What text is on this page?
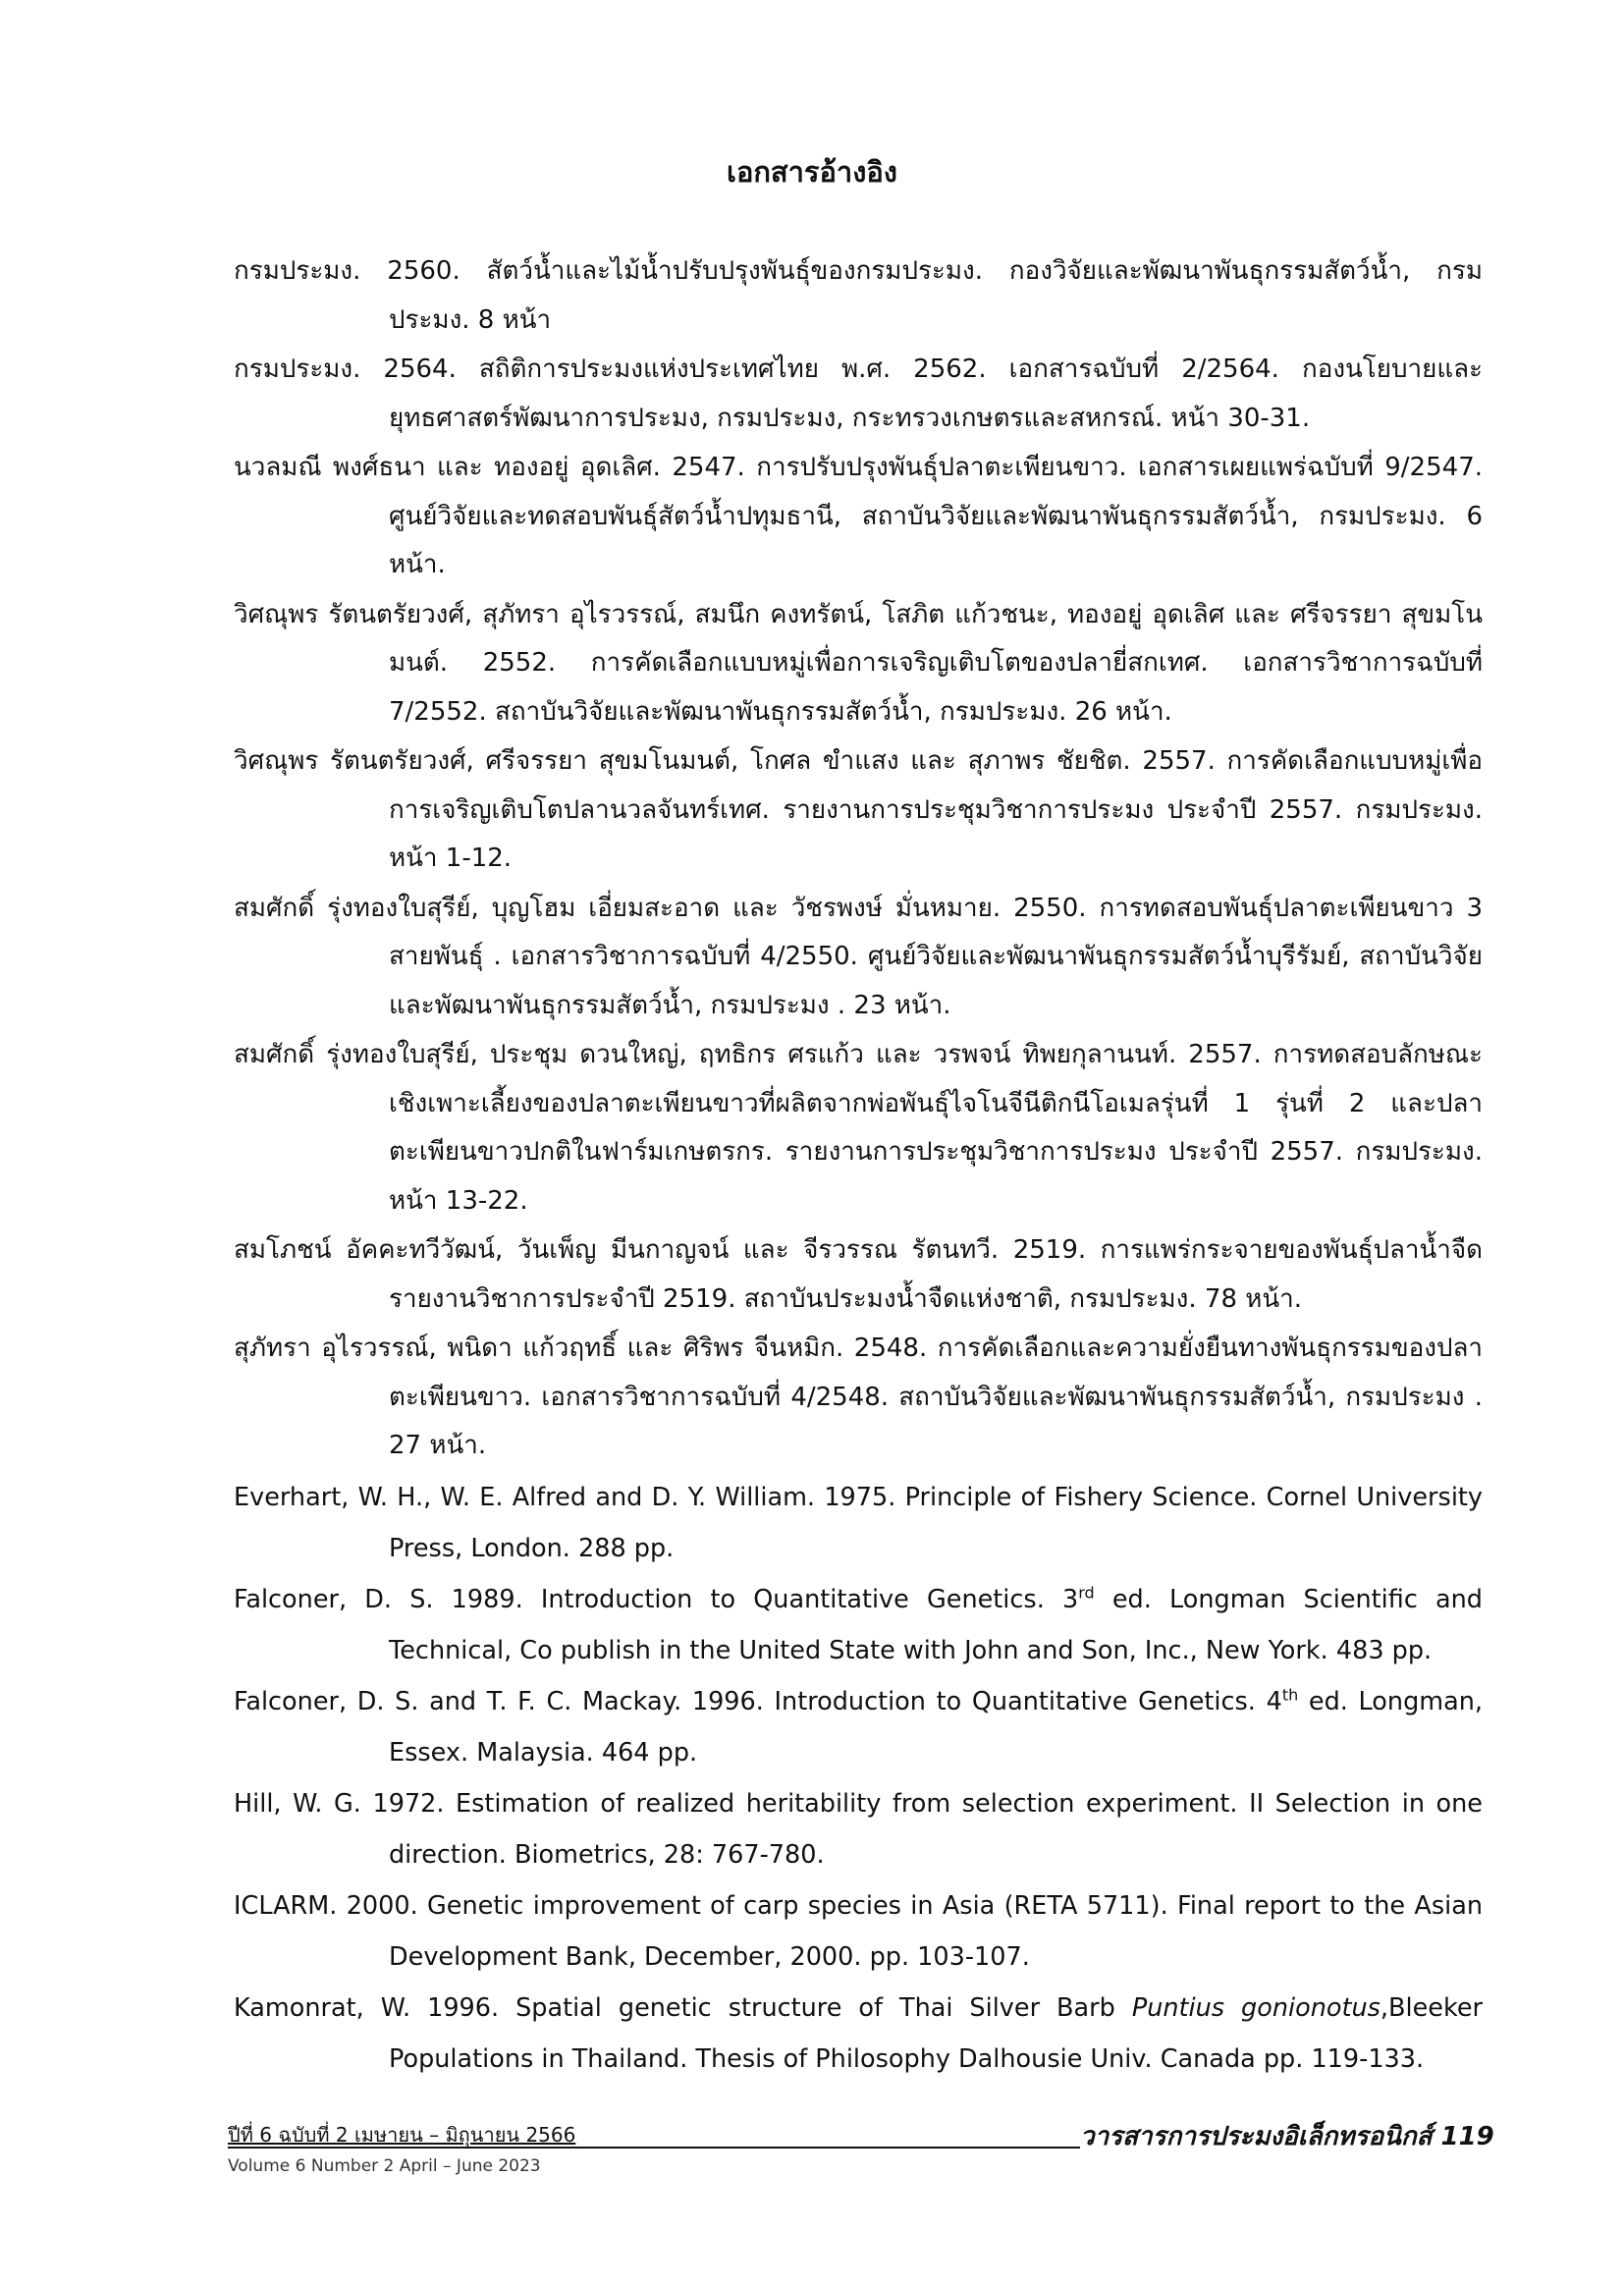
เอกสารอ้างอิง

กรมประมง. 2560. สัตว์น้ำและไม้น้ำปรับปรุงพันธุ์ของกรมประมง. กองวิจัยและพัฒนาพันธุกรรมสัตว์น้ำ, กรมประมง. 8 หน้า

กรมประมง. 2564. สถิติการประมงแห่งประเทศไทย พ.ศ. 2562. เอกสารฉบับที่ 2/2564. กองนโยบายและยุทธศาสตร์พัฒนาการประมง, กรมประมง, กระทรวงเกษตรและสหกรณ์. หน้า 30-31.

นวลมณี พงศ์ธนา และ ทองอยู่ อุดเลิศ. 2547. การปรับปรุงพันธุ์ปลาตะเพียนขาว. เอกสารเผยแพร่ฉบับที่ 9/2547. ศูนย์วิจัยและทดสอบพันธุ์สัตว์น้ำปทุมธานี, สถาบันวิจัยและพัฒนาพันธุกรรมสัตว์น้ำ, กรมประมง. 6 หน้า.

วิศณุพร รัตนตรัยวงศ์, สุภัทรา อุไรวรรณ์, สมนึก คงทรัตน์, โสภิต แก้วชนะ, ทองอยู่ อุดเลิศ และ ศรีจรรยา สุขมโนมนต์. 2552. การคัดเลือกแบบหมู่เพื่อการเจริญเติบโตของปลายี่สกเทศ. เอกสารวิชาการฉบับที่ 7/2552. สถาบันวิจัยและพัฒนาพันธุกรรมสัตว์น้ำ, กรมประมง. 26 หน้า.

วิศณุพร รัตนตรัยวงศ์, ศรีจรรยา สุขมโนมนต์, โกศล ขำแสง และ สุภาพร ชัยชิต. 2557. การคัดเลือกแบบหมู่เพื่อการเจริญเติบโตปลานวลจันทร์เทศ. รายงานการประชุมวิชาการประมง ประจำปี 2557. กรมประมง. หน้า 1-12.

สมศักดิ์ รุ่งทองใบสุรีย์, บุญโฮม เอี่ยมสะอาด และ วัชรพงษ์ มั่นหมาย. 2550. การทดสอบพันธุ์ปลาตะเพียนขาว 3 สายพันธุ์ . เอกสารวิชาการฉบับที่ 4/2550. ศูนย์วิจัยและพัฒนาพันธุกรรมสัตว์น้ำบุรีรัมย์, สถาบันวิจัยและพัฒนาพันธุกรรมสัตว์น้ำ, กรมประมง . 23 หน้า.

สมศักดิ์ รุ่งทองใบสุรีย์, ประชุม ดวนใหญ่, ฤทธิกร ศรแก้ว และ วรพจน์ ทิพยกุลานนท์. 2557. การทดสอบลักษณะเชิงเพาะเลี้ยงของปลาตะเพียนขาวที่ผลิตจากพ่อพันธุ์ไจโนจีนีติกนีโอเมลรุ่นที่ 1 รุ่นที่ 2 และปลาตะเพียนขาวปกติในฟาร์มเกษตรกร. รายงานการประชุมวิชาการประมง ประจำปี 2557. กรมประมง. หน้า 13-22.

สมโภชน์ อัคคะทวีวัฒน์, วันเพ็ญ มีนกาญจน์ และ จีรวรรณ รัตนทวี. 2519. การแพร่กระจายของพันธุ์ปลาน้ำจืด รายงานวิชาการประจำปี 2519. สถาบันประมงน้ำจืดแห่งชาติ, กรมประมง. 78 หน้า.

สุภัทรา อุไรวรรณ์, พนิดา แก้วฤทธิ์ และ ศิริพร จีนหมิก. 2548. การคัดเลือกและความยั่งยืนทางพันธุกรรมของปลาตะเพียนขาว. เอกสารวิชาการฉบับที่ 4/2548. สถาบันวิจัยและพัฒนาพันธุกรรมสัตว์น้ำ, กรมประมง . 27 หน้า.

Everhart, W. H., W. E. Alfred and D. Y. William. 1975. Principle of Fishery Science. Cornel University Press, London. 288 pp.

Falconer, D. S. 1989. Introduction to Quantitative Genetics. 3rd ed. Longman Scientific and Technical, Co publish in the United State with John and Son, Inc., New York. 483 pp.

Falconer, D. S. and T. F. C. Mackay. 1996. Introduction to Quantitative Genetics. 4th ed. Longman, Essex. Malaysia. 464 pp.

Hill, W. G. 1972. Estimation of realized heritability from selection experiment. II Selection in one direction. Biometrics, 28: 767-780.

ICLARM. 2000. Genetic improvement of carp species in Asia (RETA 5711). Final report to the Asian Development Bank, December, 2000. pp. 103-107.

Kamonrat, W. 1996. Spatial genetic structure of Thai Silver Barb Puntius gonionotus,Bleeker Populations in Thailand. Thesis of Philosophy Dalhousie Univ. Canada pp. 119-133.

ปีที่ 6 ฉบับที่ 2 เมษายน – มิถุนายน 2566
Volume 6 Number 2 April – June 2023
วารสารการประมงอิเล็กทรอนิกส์ 119
